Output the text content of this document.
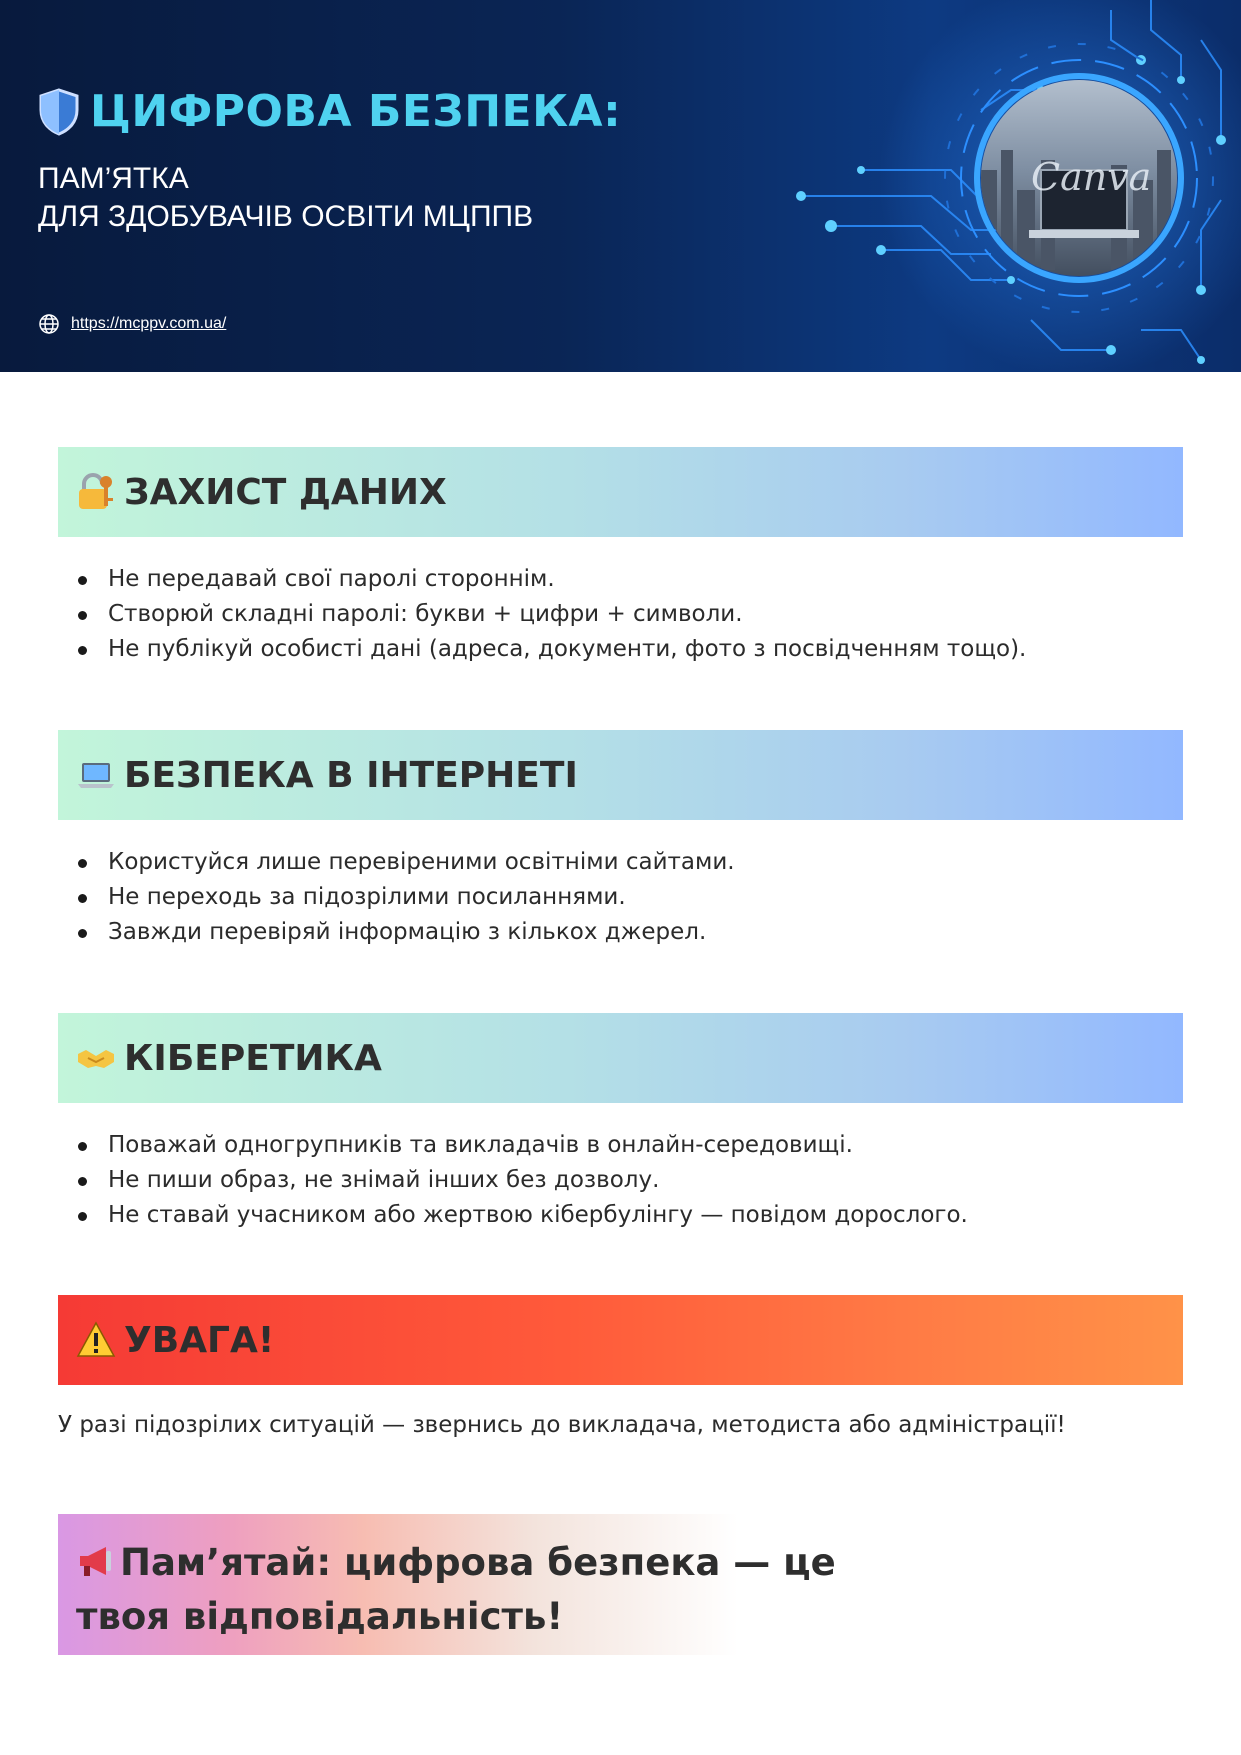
Canva
ЦИФРОВА БЕЗПЕКА:
ПАМ’ЯТКА
ДЛЯ ЗДОБУВАЧІВ ОСВІТИ МЦППВ
https://mcppv.com.ua/
ЗАХИСТ ДАНИХ
Не передавай свої паролі стороннім.
Створюй складні паролі: букви + цифри + символи.
Не публікуй особисті дані (адреса, документи, фото з посвідченням тощо).
БЕЗПЕКА В ІНТЕРНЕТІ
Користуйся лише перевіреними освітніми сайтами.
Не переходь за підозрілими посиланнями.
Завжди перевіряй інформацію з кількох джерел.
КІБЕРЕТИКА
Поважай одногрупників та викладачів в онлайн-середовищі.
Не пиши образ, не знімай інших без дозволу.
Не ставай учасником або жертвою кібербулінгу — повідом дорослого.
УВАГА!
У разі підозрілих ситуацій — звернись до викладача, методиста або адміністрації!
Пам’ятай: цифрова безпека — це твоя відповідальність!
